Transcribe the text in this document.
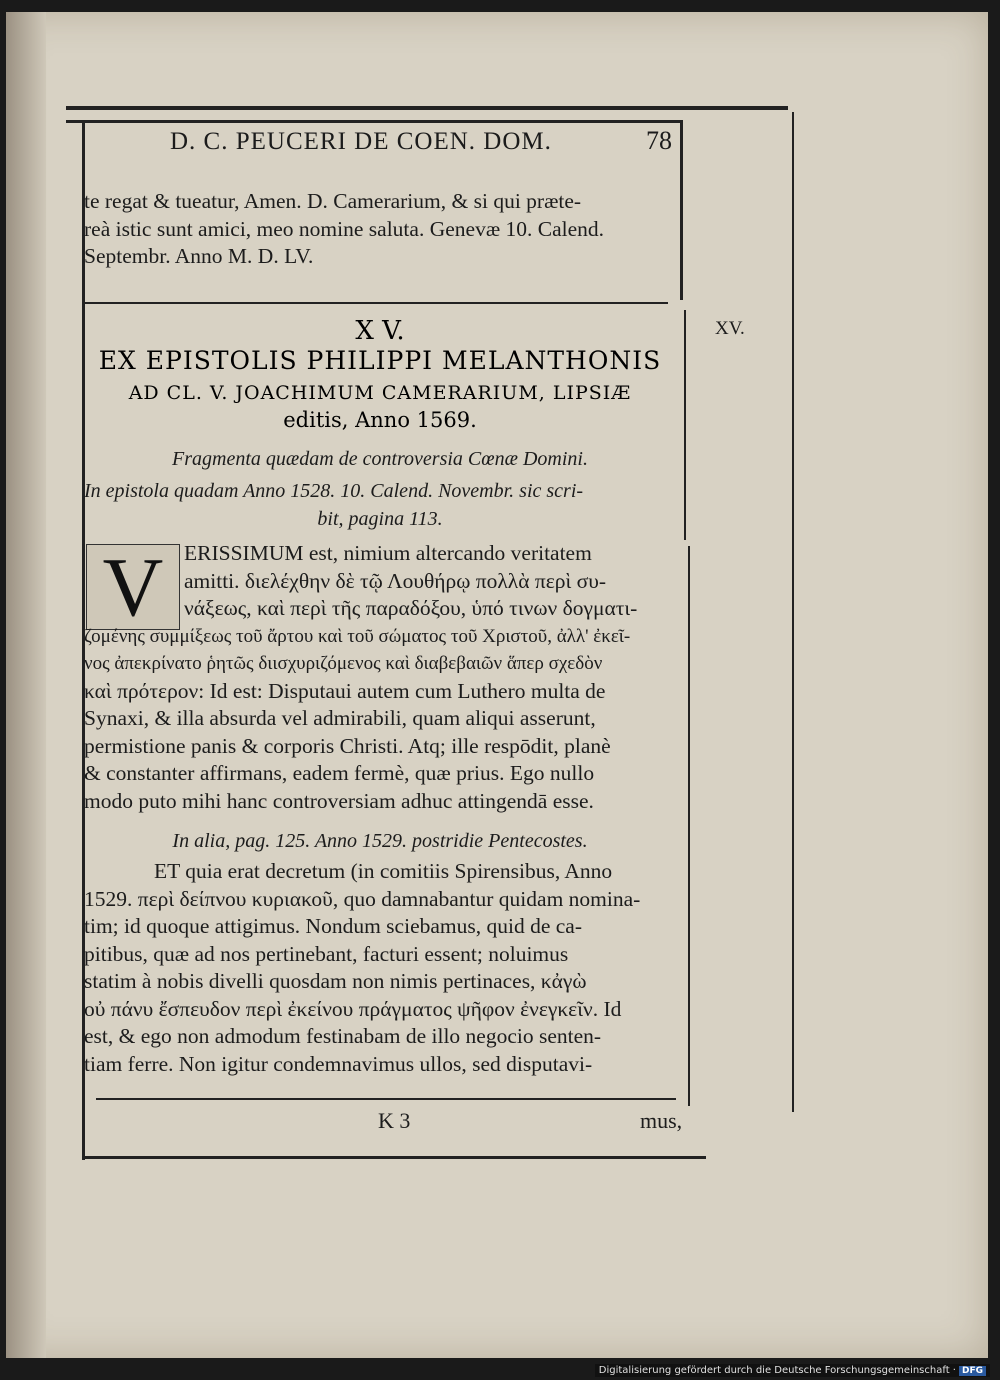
D. C. PEUCERI DE COEN. DOM.	78
te regat & tueatur, Amen. D. Camerarium, & si qui præte-
reà istic sunt amici, meo nomine saluta. Genevæ 10. Calend.
Septembr. Anno M. D. LV.
X V.
EX EPISTOLIS PHILIPPI MELANTHONIS
AD CL. V. JOACHIMUM CAMERARIUM, LIPSIÆ
editis, Anno 1569.
XV.
Fragmenta quædam de controversia Cœnæ Domini.
In epistola quadam Anno 1528. 10. Calend. Novembr. sic scri-
bit, pagina 113.
V ERISSIMUM est, nimium altercando veritatem
amitti. διελέχθην δὲ τῷ Λουθήρῳ πολλὰ περὶ συ-
νάξεως, καὶ περὶ τῆς παραδόξου, ὑπό τινων δογματι-
ζομένης συμμίξεως τοῦ ἄρτου καὶ τοῦ σώματος τοῦ Χριστοῦ, ἀλλ' ἐκεῖ-
νος ἀπεκρίνατο ῥητῶς διισχυριζόμενος καὶ διαβεβαιῶν ἅπερ σχεδὸν
καὶ πρότερον: Id est: Disputaui autem cum Luthero multa de
Synaxi, & illa absurda vel admirabili, quam aliqui asserunt,
permistione panis & corporis Christi. Atq; ille respōdit, planè
& constanter affirmans, eadem fermè, quæ prius. Ego nullo
modo puto mihi hanc controversiam adhuc attingendā esse.
In alia, pag. 125. Anno 1529. postridie Pentecostes.
ET quia erat decretum (in comitiis Spirensibus, Anno
1529. περὶ δείπνου κυριακοῦ, quo damnabantur quidam nomina-
tim; id quoque attigimus. Nondum sciebamus, quid de ca-
pitibus, quæ ad nos pertinebant, facturi essent; noluimus
statim à nobis divelli quosdam non nimis pertinaces, κἀγὼ
οὐ πάνυ ἔσπευδον περὶ ἐκείνου πράγματος ψῆφον ἐνεγκεῖν. Id
est, & ego non admodum festinabam de illo negocio senten-
tiam ferre. Non igitur condemnavimus ullos, sed disputavi-
K 3	mus,
Digitalisierung gefördert durch die Deutsche Forschungsgemeinschaft · DFG
